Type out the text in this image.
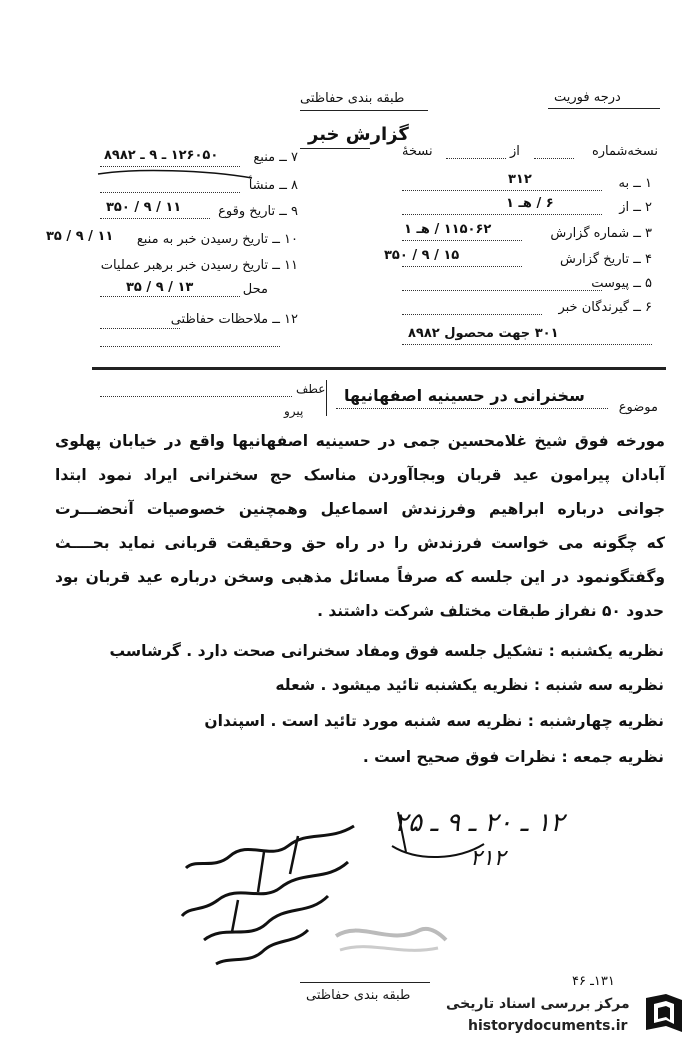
طبقه بندی حفاظتی	درجه فوریت
گزارش خبر
نسخه‌شماره
از
نسخهٔ
۱ ــ به
۳۱۲
۲ ــ از
۶ / هـ ۱
۳ ــ شماره گزارش
۱۱۵۰۶۲ / هـ ۱
۴ ــ تاریخ گزارش
۱۵ / ۹ / ۳۵۰
۵ ــ پیوست
۶ ــ گیرندگان خبر
۳۰۱ جهت محصول ۸۹۸۲
۷ ــ منبع
۱۲۶۰۵۰ ـ ۹ ـ ۸۹۸۲
۸ ــ منشأ
۹ ــ تاریخ وقوع
۱۱ / ۹ / ۳۵۰
۱۰ ــ تاریخ رسیدن خبر به منبع
۱۱ / ۹ / ۳۵
۱۱ ــ تاریخ رسیدن خبر برهبر عملیات
محل
۱۳ / ۹ / ۳۵
۱۲ ــ ملاحظات حفاظتی
موضوع
سخنرانی در حسینیه اصفهانیها
عطف
پیرو
مورخه فوق شیخ غلامحسین جمی در حسینیه اصفهانیها واقع در خیابان پهلوی
آبادان پیرامون عید قربان وبجاآوردن مناسک حج سخنرانی ایراد نمود ابتدا
جوانی درباره ابراهیم وفرزندش اسماعیل وهمچنین خصوصیات آنحضـــرت
که چگونه می خواست فرزندش را در راه حق وحقیقت قربانی نماید بحــــث
وگفتگونمود در این جلسه که صرفاً مسائل مذهبی وسخن درباره عید قربان بود
حدود ۵۰ نفراز طبقات مختلف شرکت داشتند .
نظریه یکشنبه : تشکیل جلسه فوق ومفاد سخنرانی صحت دارد . گرشاسب
نظریه سه شنبه : نظریه یکشنبه تائید میشود . شعله
نظریه چهارشنبه : نظریه سه شنبه مورد تائید است . اسپندان
نظریه جمعه : نظرات فوق صحیح است .
۱۲ ـ ۲۰ ـ ۹ ـ ۲۵
۲۱۲
۱۳۱ـ ۴۶
طبقه بندی حفاظتی
مرکز بررسی اسناد تاریخی
historydocuments.ir
